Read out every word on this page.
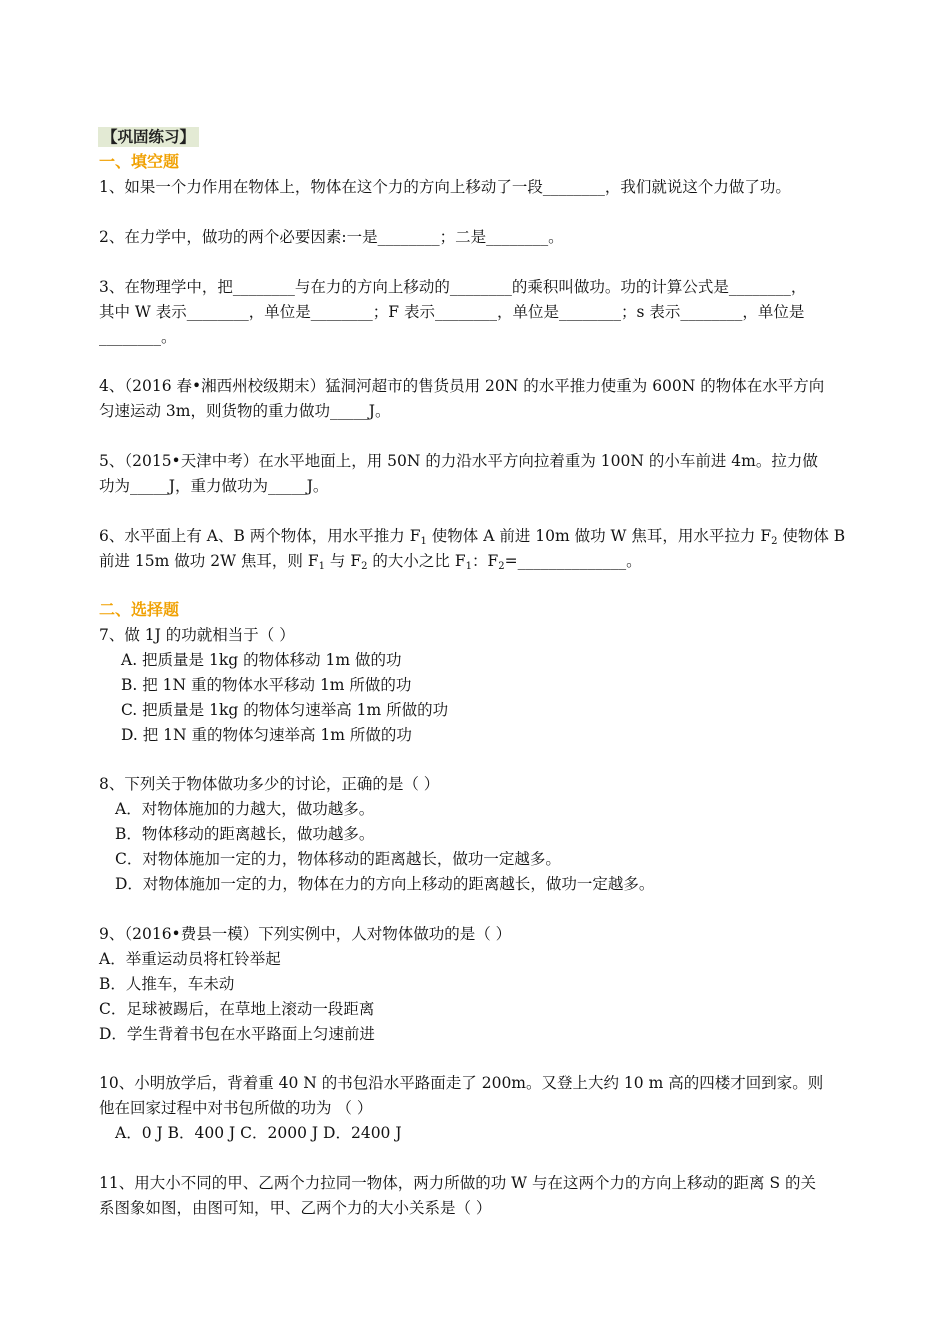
【巩固练习】
一、填空题
1、如果一个力作用在物体上，物体在这个力的方向上移动了一段________，我们就说这个力做了功。
2、在力学中，做功的两个必要因素:一是________；二是________。
3、在物理学中，把________与在力的方向上移动的________的乘积叫做功。功的计算公式是________，
其中 W 表示________，单位是________；F 表示________，单位是________；s 表示________，单位是
________。
4、（2016 春•湘西州校级期末）猛洞河超市的售货员用 20N 的水平推力使重为 600N 的物体在水平方向
匀速运动 3m，则货物的重力做功_____J。
5、（2015•天津中考）在水平地面上，用 50N 的力沿水平方向拉着重为 100N 的小车前进 4m。拉力做
功为_____J，重力做功为_____J。
6、水平面上有 A、B 两个物体，用水平推力 $F_1$ 使物体 A 前进 10m 做功 W 焦耳，用水平拉力 $F_2$ 使物体 B
前进 15m 做功 2W 焦耳，则 $F_1$ 与 $F_2$ 的大小之比 $F_1$：$F_2=\_\_\_\_\_\_\_\_\_\_\_\_\_\_$。
二、选择题
7、做 1J 的功就相当于（ ）
A. 把质量是 1kg 的物体移动 1m 做的功
B. 把 1N 重的物体水平移动 1m 所做的功
C. 把质量是 1kg 的物体匀速举高 1m 所做的功
D. 把 1N 重的物体匀速举高 1m 所做的功
8、下列关于物体做功多少的讨论，正确的是（ ）
A．对物体施加的力越大，做功越多。
B．物体移动的距离越长，做功越多。
C．对物体施加一定的力，物体移动的距离越长，做功一定越多。
D．对物体施加一定的力，物体在力的方向上移动的距离越长，做功一定越多。
9、（2016•费县一模）下列实例中，人对物体做功的是（ ）
A．举重运动员将杠铃举起
B．人推车，车未动
C．足球被踢后，在草地上滚动一段距离
D．学生背着书包在水平路面上匀速前进
10、小明放学后，背着重 40 N 的书包沿水平路面走了 200m。又登上大约 10 m 高的四楼才回到家。则
他在回家过程中对书包所做的功为 （ ）
A．0 J B．400 J C．2000 J D．2400 J
11、用大小不同的甲、乙两个力拉同一物体，两力所做的功 W 与在这两个力的方向上移动的距离 S 的关
系图象如图，由图可知，甲、乙两个力的大小关系是（ ）
